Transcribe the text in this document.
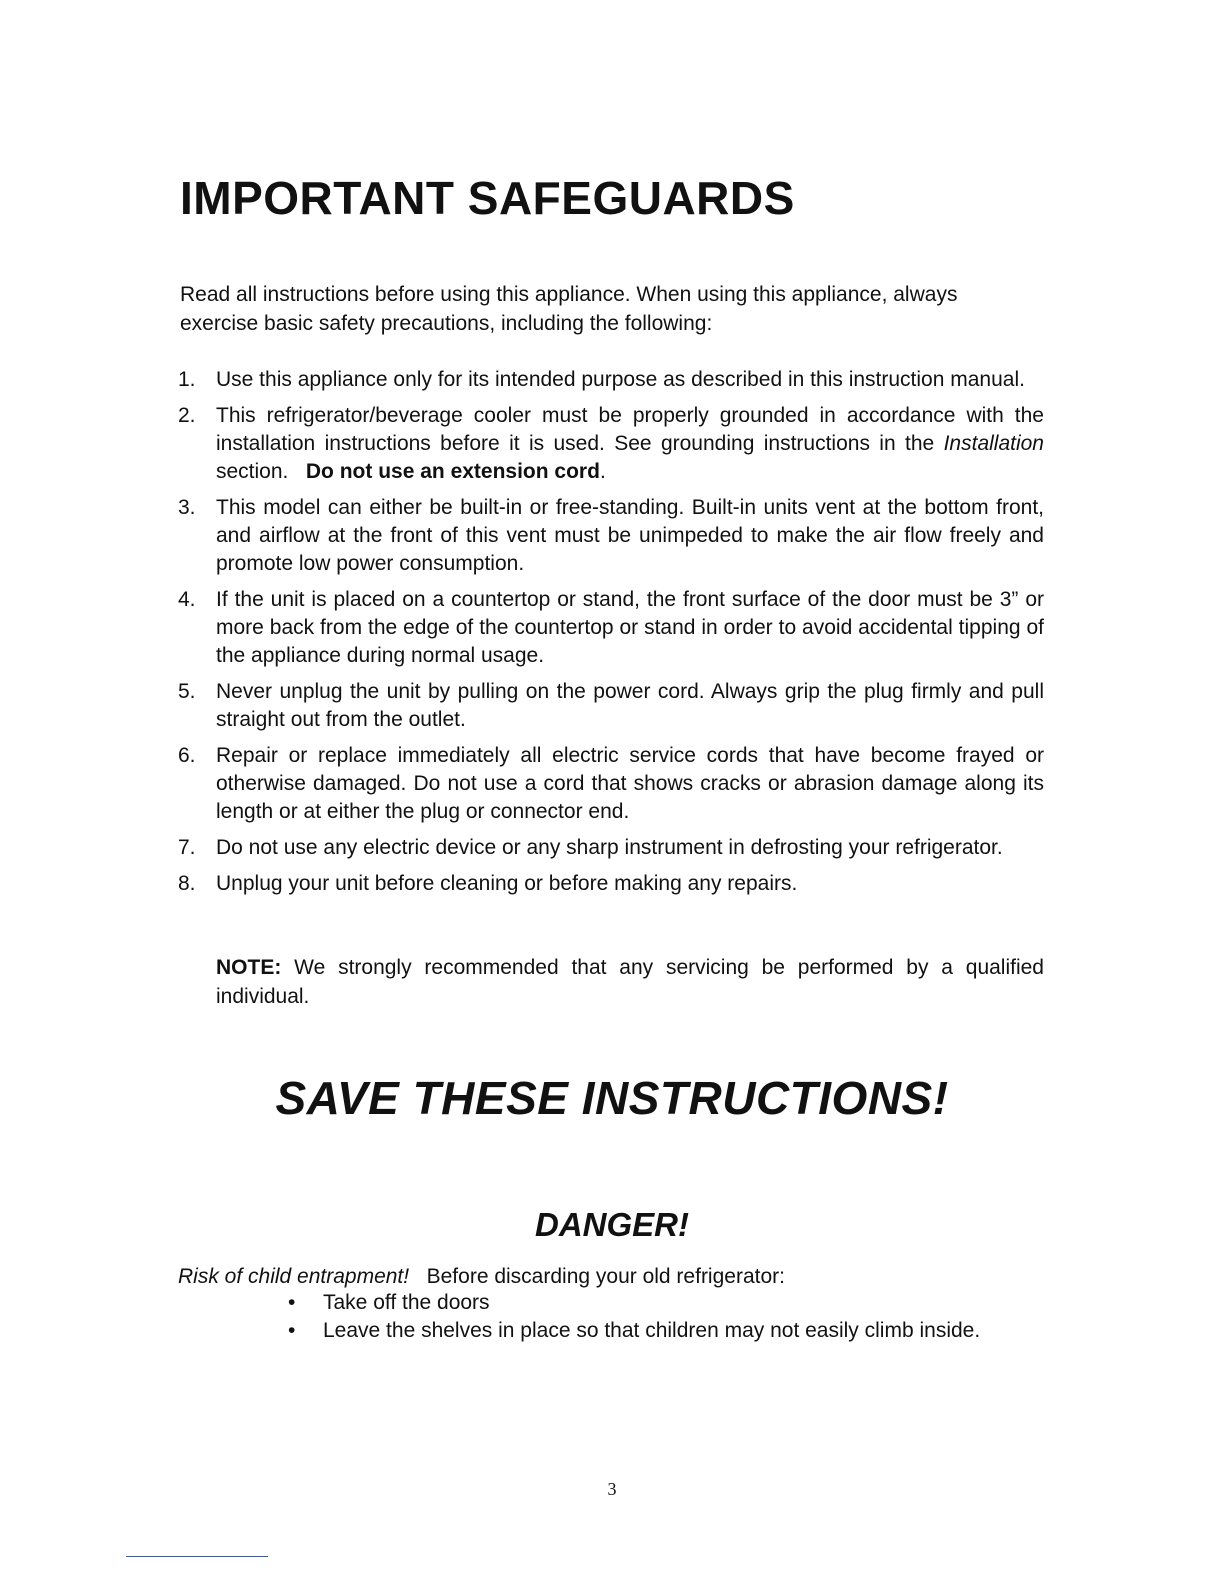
IMPORTANT SAFEGUARDS

Read all instructions before using this appliance. When using this appliance, always exercise basic safety precautions, including the following:

1. Use this appliance only for its intended purpose as described in this instruction manual.
2. This refrigerator/beverage cooler must be properly grounded in accordance with the installation instructions before it is used. See grounding instructions in the Installation section. Do not use an extension cord.
3. This model can either be built-in or free-standing. Built-in units vent at the bottom front, and airflow at the front of this vent must be unimpeded to make the air flow freely and promote low power consumption.
4. If the unit is placed on a countertop or stand, the front surface of the door must be 3” or more back from the edge of the countertop or stand in order to avoid accidental tipping of the appliance during normal usage.
5. Never unplug the unit by pulling on the power cord. Always grip the plug firmly and pull straight out from the outlet.
6. Repair or replace immediately all electric service cords that have become frayed or otherwise damaged. Do not use a cord that shows cracks or abrasion damage along its length or at either the plug or connector end.
7. Do not use any electric device or any sharp instrument in defrosting your refrigerator.
8. Unplug your unit before cleaning or before making any repairs.

NOTE: We strongly recommended that any servicing be performed by a qualified individual.

SAVE THESE INSTRUCTIONS!
DANGER!

Risk of child entrapment! Before discarding your old refrigerator:

• Take off the doors
• Leave the shelves in place so that children may not easily climb inside.
3
